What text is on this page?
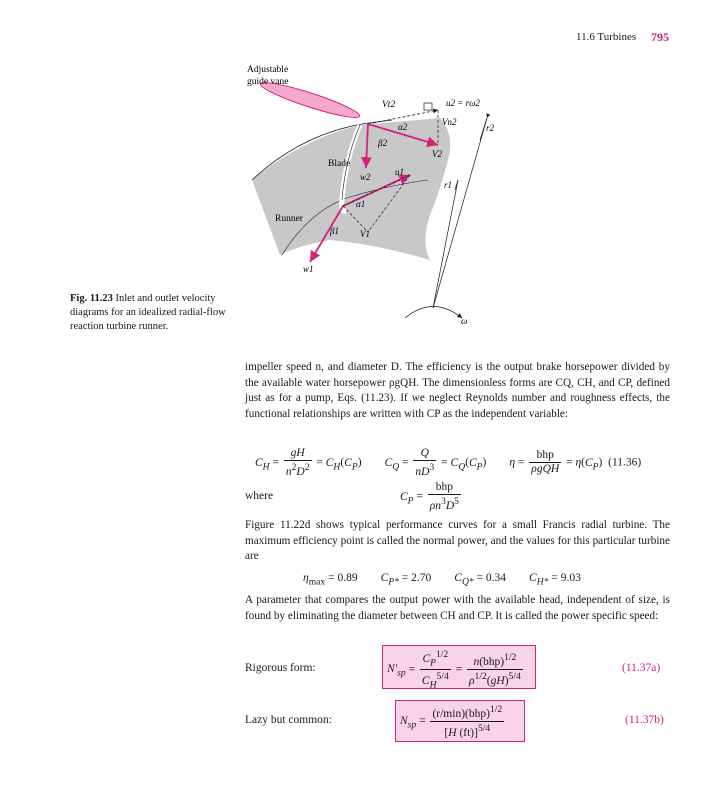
11.6 Turbines 795
Adjustable
guide vane
Blade
Runner
Vt2	u2 = rω2
α2	Vn2
β2
V2
w2	u1
r1
r2
α1
β1 V1
w1
ω
Fig. 11.23 Inlet and outlet velocity diagrams for an idealized radial-flow reaction turbine runner.
impeller speed n, and diameter D. The efficiency is the output brake horsepower divided by the available water horsepower ρgQH. The dimensionless forms are CQ, CH, and CP, defined just as for a pump, Eqs. (11.23). If we neglect Reynolds number and roughness effects, the functional relationships are written with CP as the independent variable:
$C_H = \frac{gH}{n^2D^2} = C_H(C_P)$        $C_Q = \frac{Q}{nD^3} = C_Q(C_P)$        $\eta = \frac{\text{bhp}}{\text{ρgQH}} = \eta(C_P)$  (11.36)
where	$C_P = \frac{\text{bhp}}{\rho n^3D^5}$
Figure 11.22d shows typical performance curves for a small Francis radial turbine. The maximum efficiency point is called the normal power, and the values for this particular turbine are
$\eta_{max} = 0.89$ $C_{P*} = 2.70$ $C_{Q*} = 0.34$ $C_{H*} = 9.03$
A parameter that compares the output power with the available head, independent of size, is found by eliminating the diameter between CH and CP. It is called the power specific speed:
Rigorous form:	$N'_{sp} = \frac{C_P^{1/2}}{C_H^{5/4}} = \frac{n(bhp)^{1/2}}{\rho^{1/2}(gH)^{5/4}}$	(11.37a)
Lazy but common:	$N_{sp} = \frac{(r/\min)(bhp)^{1/2}}{[H (ft)]^{5/4}}$	(11.37b)
